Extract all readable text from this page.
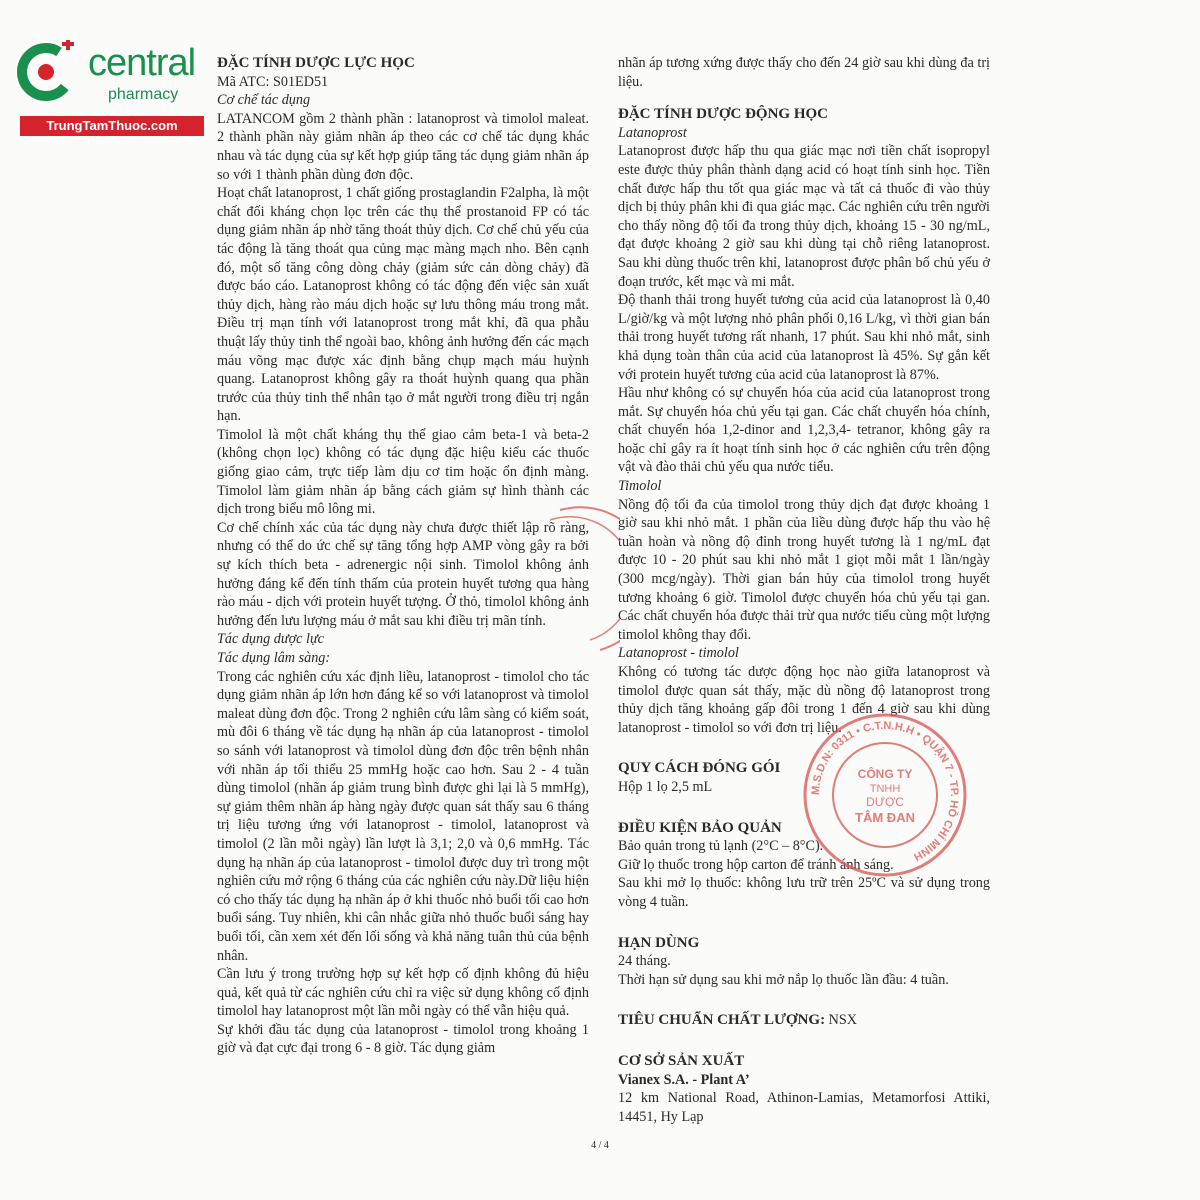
central
pharmacy
TrungTamThuoc.com

ĐẶC TÍNH DƯỢC LỰC HỌC

Mã ATC: S01ED51

Cơ chế tác dụng

LATANCOM gồm 2 thành phần : latanoprost và timolol maleat. 2 thành phần này giảm nhãn áp theo các cơ chế tác dụng khác nhau và tác dụng của sự kết hợp giúp tăng tác dụng giảm nhãn áp so với 1 thành phần dùng đơn độc.

Hoạt chất latanoprost, 1 chất giống prostaglandin F2alpha, là một chất đối kháng chọn lọc trên các thụ thể prostanoid FP có tác dụng giảm nhãn áp nhờ tăng thoát thủy dịch. Cơ chế chủ yếu của tác động là tăng thoát qua củng mạc màng mạch nho. Bên cạnh đó, một số tăng công dòng chảy (giảm sức cản dòng chảy) đã được báo cáo. Latanoprost không có tác động đến việc sản xuất thủy dịch, hàng rào máu dịch hoặc sự lưu thông máu trong mắt. Điều trị mạn tính với latanoprost trong mắt khỉ, đã qua phẫu thuật lấy thủy tinh thể ngoài bao, không ảnh hưởng đến các mạch máu võng mạc được xác định bằng chụp mạch máu huỳnh quang. Latanoprost không gây ra thoát huỳnh quang qua phần trước của thủy tinh thể nhân tạo ở mắt người trong điều trị ngắn hạn.

Timolol là một chất kháng thụ thể giao cảm beta-1 và beta-2 (không chọn lọc) không có tác dụng đặc hiệu kiểu các thuốc giống giao cảm, trực tiếp làm dịu cơ tim hoặc ổn định màng. Timolol làm giảm nhãn áp bằng cách giảm sự hình thành các dịch trong biểu mô lông mi.

Cơ chế chính xác của tác dụng này chưa được thiết lập rõ ràng, nhưng có thể do ức chế sự tăng tổng hợp AMP vòng gây ra bởi sự kích thích beta - adrenergic nội sinh. Timolol không ảnh hưởng đáng kể đến tính thấm của protein huyết tương qua hàng rào máu - dịch với protein huyết tượng. Ở thỏ, timolol không ảnh hưởng đến lưu lượng máu ở mắt sau khi điều trị mãn tính.

Tác dụng dược lực

Tác dụng lâm sàng:

Trong các nghiên cứu xác định liều, latanoprost - timolol cho tác dụng giảm nhãn áp lớn hơn đáng kể so với latanoprost và timolol maleat dùng đơn độc. Trong 2 nghiên cứu lâm sàng có kiểm soát, mù đôi 6 tháng về tác dụng hạ nhãn áp của latanoprost - timolol so sánh với latanoprost và timolol dùng đơn độc trên bệnh nhân với nhãn áp tối thiểu 25 mmHg hoặc cao hơn. Sau 2 - 4 tuần dùng timolol (nhãn áp giảm trung bình được ghi lại là 5 mmHg), sự giảm thêm nhãn áp hàng ngày được quan sát thấy sau 6 tháng trị liệu tương ứng với latanoprost - timolol, latanoprost và timolol (2 lần mỗi ngày) lần lượt là 3,1; 2,0 và 0,6 mmHg. Tác dụng hạ nhãn áp của latanoprost - timolol được duy trì trong một nghiên cứu mở rộng 6 tháng của các nghiên cứu này.Dữ liệu hiện có cho thấy tác dụng hạ nhãn áp ở khi thuốc nhỏ buổi tối cao hơn buổi sáng. Tuy nhiên, khi cân nhắc giữa nhỏ thuốc buổi sáng hay buổi tối, cần xem xét đến lối sống và khả năng tuân thủ của bệnh nhân.

Cần lưu ý trong trường hợp sự kết hợp cố định không đủ hiệu quả, kết quả từ các nghiên cứu chỉ ra việc sử dụng không cố định timolol hay latanoprost một lần mỗi ngày có thể vẫn hiệu quả.

Sự khởi đầu tác dụng của latanoprost - timolol trong khoảng 1 giờ và đạt cực đại trong 6 - 8 giờ. Tác dụng giảm

nhãn áp tương xứng được thấy cho đến 24 giờ sau khi dùng đa trị liệu.

ĐẶC TÍNH DƯỢC ĐỘNG HỌC

Latanoprost

Latanoprost được hấp thu qua giác mạc nơi tiền chất isopropyl este được thủy phân thành dạng acid có hoạt tính sinh học. Tiền chất được hấp thu tốt qua giác mạc và tất cả thuốc đi vào thủy dịch bị thủy phân khi đi qua giác mạc. Các nghiên cứu trên người cho thấy nồng độ tối đa trong thủy dịch, khoảng 15 - 30 ng/mL, đạt được khoảng 2 giờ sau khi dùng tại chỗ riêng latanoprost. Sau khi dùng thuốc trên khỉ, latanoprost được phân bố chủ yếu ở đoạn trước, kết mạc và mi mắt.

Độ thanh thải trong huyết tương của acid của latanoprost là 0,40 L/giờ/kg và một lượng nhỏ phân phối 0,16 L/kg, vì thời gian bán thải trong huyết tương rất nhanh, 17 phút. Sau khi nhỏ mắt, sinh khả dụng toàn thân của acid của latanoprost là 45%. Sự gắn kết với protein huyết tương của acid của latanoprost là 87%.

Hầu như không có sự chuyển hóa của acid của latanoprost trong mắt. Sự chuyển hóa chủ yếu tại gan. Các chất chuyển hóa chính, chất chuyển hóa 1,2-dinor and 1,2,3,4- tetranor, không gây ra hoặc chỉ gây ra ít hoạt tính sinh học ở các nghiên cứu trên động vật và đào thải chủ yếu qua nước tiểu.

Timolol

Nồng độ tối đa của timolol trong thủy dịch đạt được khoảng 1 giờ sau khi nhỏ mắt. 1 phần của liều dùng được hấp thu vào hệ tuần hoàn và nồng độ đỉnh trong huyết tương là 1 ng/mL đạt được 10 - 20 phút sau khi nhỏ mắt 1 giọt mỗi mắt 1 lần/ngày (300 mcg/ngày). Thời gian bán hủy của timolol trong huyết tương khoảng 6 giờ. Timolol được chuyển hóa chủ yếu tại gan. Các chất chuyển hóa được thải trừ qua nước tiểu cùng một lượng timolol không thay đổi.

Latanoprost - timolol

Không có tương tác dược động học nào giữa latanoprost và timolol được quan sát thấy, mặc dù nồng độ latanoprost trong thủy dịch tăng khoảng gấp đôi trong 1 đến 4 giờ sau khi dùng latanoprost - timolol so với đơn trị liệu.

QUY CÁCH ĐÓNG GÓI

Hộp 1 lọ 2,5 mL

ĐIỀU KIỆN BẢO QUẢN

Bảo quản trong tủ lạnh (2°C – 8°C).

Giữ lọ thuốc trong hộp carton để tránh ánh sáng.

Sau khi mở lọ thuốc: không lưu trữ trên 25ºC và sử dụng trong vòng 4 tuần.

HẠN DÙNG

24 tháng.

Thời hạn sử dụng sau khi mở nắp lọ thuốc lần đầu: 4 tuần.

TIÊU CHUẨN CHẤT LƯỢNG: NSX

CƠ SỞ SẢN XUẤT

Vianex S.A. - Plant A’

12 km National Road, Athinon-Lamias, Metamorfosi Attiki, 14451, Hy Lạp

M.S.D.N: 0311 • C.T.N.H.H • QUẬN 7 - TP. HỒ CHÍ MINH
CÔNG TY
TNHH
DƯỢC
TÂM ĐAN
4 / 4
